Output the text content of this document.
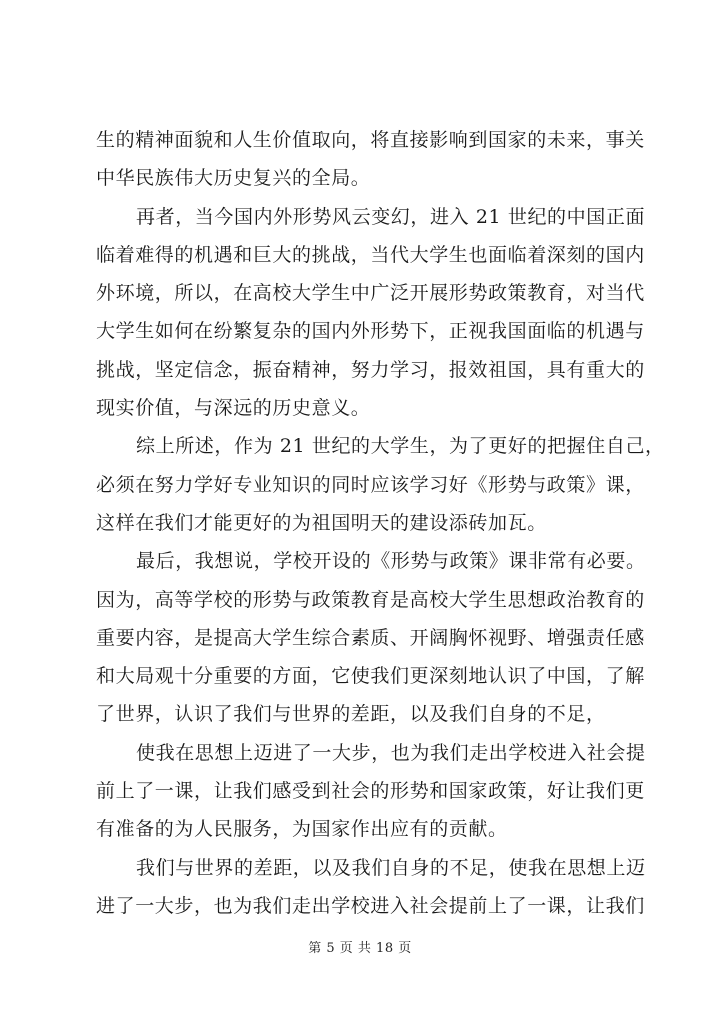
生的精神面貌和人生价值取向，将直接影响到国家的未来，事关
中华民族伟大历史复兴的全局。

再者，当今国内外形势风云变幻，进入 21 世纪的中国正面
临着难得的机遇和巨大的挑战，当代大学生也面临着深刻的国内
外环境，所以，在高校大学生中广泛开展形势政策教育，对当代
大学生如何在纷繁复杂的国内外形势下，正视我国面临的机遇与
挑战，坚定信念，振奋精神，努力学习，报效祖国，具有重大的
现实价值，与深远的历史意义。

综上所述，作为 21 世纪的大学生，为了更好的把握住自己，
必须在努力学好专业知识的同时应该学习好《形势与政策》课，
这样在我们才能更好的为祖国明天的建设添砖加瓦。

最后，我想说，学校开设的《形势与政策》课非常有必要。
因为，高等学校的形势与政策教育是高校大学生思想政治教育的
重要内容，是提高大学生综合素质、开阔胸怀视野、增强责任感
和大局观十分重要的方面，它使我们更深刻地认识了中国，了解
了世界，认识了我们与世界的差距，以及我们自身的不足，

使我在思想上迈进了一大步，也为我们走出学校进入社会提
前上了一课，让我们感受到社会的形势和国家政策，好让我们更
有准备的为人民服务，为国家作出应有的贡献。

我们与世界的差距，以及我们自身的不足，使我在思想上迈
进了一大步，也为我们走出学校进入社会提前上了一课，让我们

第 5 页 共 18 页
